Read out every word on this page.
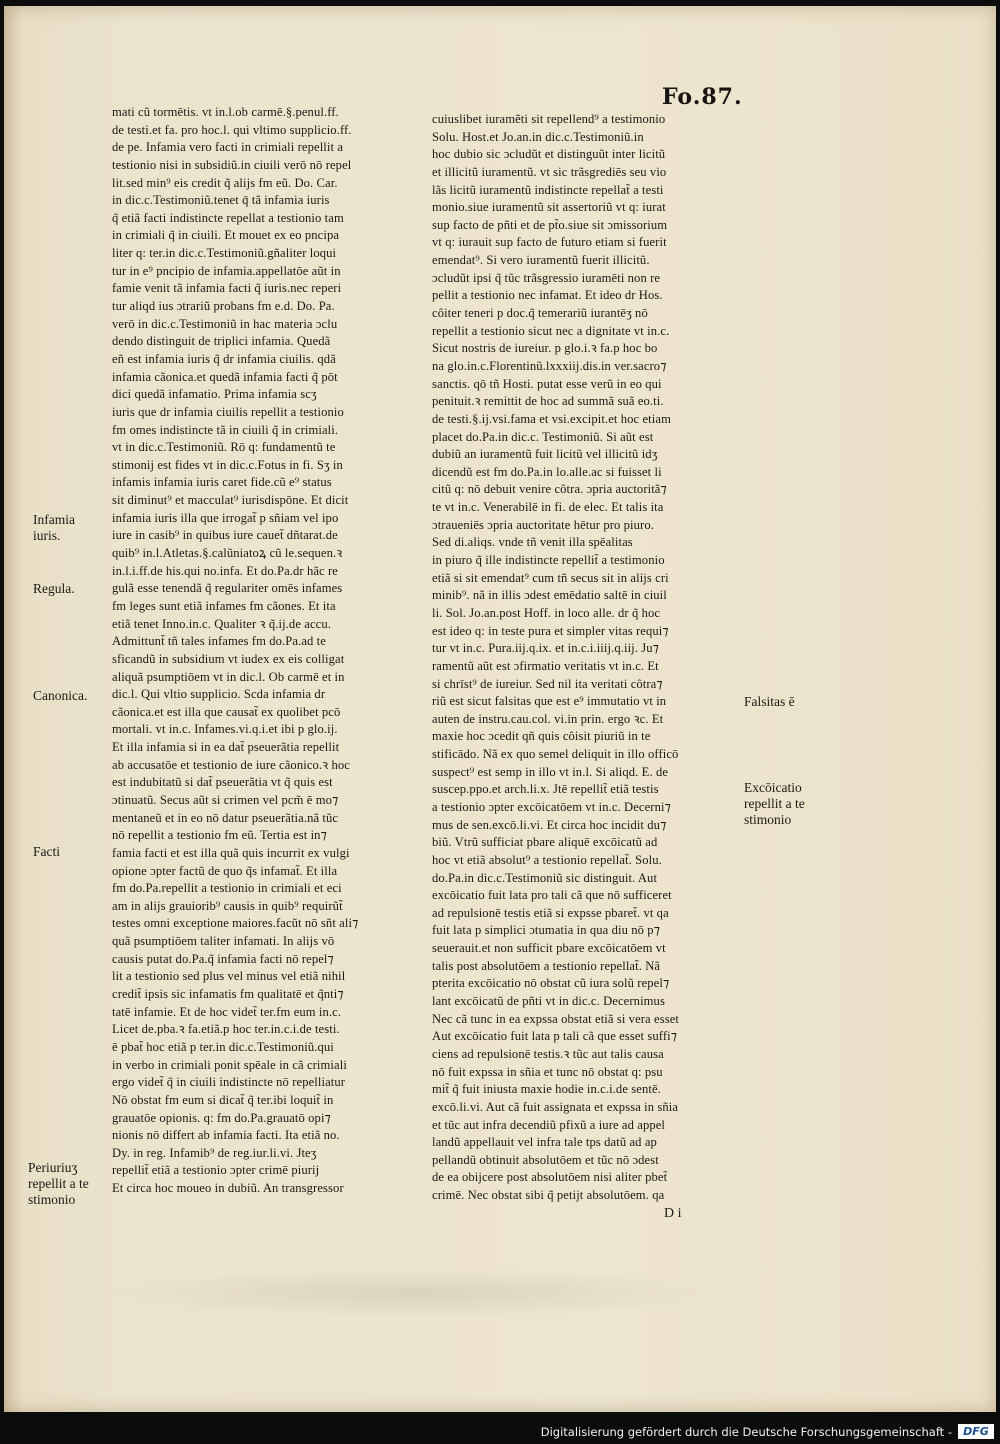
Fo.87.
mati cũ tormētis. vt in.l.ob carmē.§.penul.ff.
de testi.et fa. pro hoc.l. qui vltimo supplicio.ff.
de pe. Infamia vero facti in crimiali repellit a
testionio nisi in subsidiũ.in ciuili verō nō repel
lit.sed min⁹ eis credit q̃ alijs fm eũ. Do. Car.
in dic.c.Testimoniũ.tenet q̄ tã infamia iuris
q̃ etiã facti indistincte repellat a testionio tam
in crimiali q̃ in ciuili. Et mouet ex eo pncipa
liter q: ter.in dic.c.Testimoniũ.gñaliter loqui
tur in e⁹ pncipio de infamia.appellatōe aũt in
famie venit tã infamia facti q̃ iuris.nec reperi
tur aliqd ius ɔtrariũ probans fm e.d. Do. Pa.
verō in dic.c.Testimoniũ in hac materia ɔclu
dendo distinguit de triplici infamia. Quedã
eñ est infamia iuris q̃ dr infamia ciuilis. qdã
infamia cãonica.et quedã infamia facti q̃ pōt
dici quedã infamatio. Prima infamia scʒ
iuris que dr infamia ciuilis repellit a testionio
fm omes indistincte tã in ciuili q̃ in crimiali.
vt in dic.c.Testimoniũ. Rō q: fundamentũ te
stimonij est fides vt in dic.c.Fotus in fi. Sʒ in
infamis infamia iuris caret fide.cũ e⁹ status
sit diminut⁹ et macculat⁹ iurisdispōne. Et dicit
infamia iuris illa que irrogat̃ p sñiam vel ipo
iure in casib⁹ in quibus iure cauet̃ dñtarat.de
quib⁹ in.l.Atletas.§.calũniatoꝝ cũ le.sequen.ꝛ
in.l.i.ff.de his.qui no.infa. Et do.Pa.dr hãc re
gulã esse tenendã q̃ regulariter omēs infames
fm leges sunt etiã infames fm cãones. Et ita
etiã tenet Inno.in.c. Qualiter ꝛ q̃.ij.de accu.
Admittunt̃ tñ tales infames fm do.Pa.ad te
sficandũ in subsidium vt iudex ex eis colligat
aliquã psumptiōem vt in dic.l. Ob carmē et in
dic.l. Qui vltio supplicio. Scda infamia dr
cãonica.et est illa que causat̃ ex quolibet pcō
mortali. vt in.c. Infames.vi.q.i.et ibi p glo.ij.
Et illa infamia si in ea dat̃ pseuerãtia repellit
ab accusatōe et testionio de iure cãonico.ꝛ hoc
est indubitatũ si dat̃ pseuerãtia vt q̃ quis est
ɔtinuatũ. Secus aũt si crimen vel pcm̃ ē mo⁊
mentaneũ et in eo nō datur pseuerãtia.nã tũc
nō repellit a testionio fm eũ. Tertia est in⁊
famia facti et est illa quã quis incurrit ex vulgi
opione ɔpter factũ de quo q̃s infamat̃. Et illa
fm do.Pa.repellit a testionio in crimiali et eci
am in alijs grauiorib⁹ causis in quib⁹ requirũt̃
testes omni exceptione maiores.facũt nō sñt ali⁊
quã psumptiōem taliter infamati. In alijs vō
causis putat do.Pa.q̃ infamia facti nō repel⁊
lit a testionio sed plus vel minus vel etiã nihil
credit̃ ipsis sic infamatis fm qualitatē et q̃nti⁊
tatē infamie. Et de hoc videt̃ ter.fm eum in.c.
Licet de.pba.ꝛ fa.etiã.p hoc ter.in.c.i.de testi.
ē pbat̃ hoc etiã p ter.in dic.c.Testimoniũ.qui
in verbo in crimiali ponit spēale in cã crimiali
ergo videt̃ q̃ in ciuili indistincte nō repelliatur
Nō obstat fm eum si dicat̃ q̃ ter.ibi loquit̃ in
grauatōe opionis. q: fm do.Pa.grauatō opi⁊
nionis nō differt ab infamia facti. Ita etiã no.
Dy. in reg. Infamib⁹ de reg.iur.li.vi. Jteʒ
repellit̃ etiã a testionio ɔpter crimē piurij
Et circa hoc moueo in dubiũ. An transgressor
cuiuslibet iuramẽti sit repellend⁹ a testimonio
Solu. Host.et Jo.an.in dic.c.Testimoniũ.in
hoc dubio sic ɔcludũt et distinguũt inter licitũ
et illicitũ iuramentũ. vt sic trãsgrediēs seu vio
lãs licitũ iuramentũ indistincte repellat̃ a testi
monio.siue iuramentũ sit assertoriũ vt q: iurat
sup facto de pñti et de pt̃o.siue sit ɔmissorium
vt q: iurauit sup facto de futuro etiam si fuerit
emendat⁹. Si vero iuramentũ fuerit illicitũ.
ɔcludũt ipsi q̃ tũc trãsgressio iuramēti non re
pellit a testionio nec infamat. Et ideo dr Hos.
côiter teneri p doc.q̃ temerariũ iurantēʒ nō
repellit a testionio sicut nec a dignitate vt in.c.
Sicut nostris de iureiur. p glo.i.ꝛ fa.p hoc bo
na glo.in.c.Florentinũ.lxxxiij.dis.in ver.sacro⁊
sanctis. qō tñ Hosti. putat esse verũ in eo qui
penituit.ꝛ remittit de hoc ad summã suã eo.ti.
de testi.§.ij.vsi.fama et vsi.excipit.et hoc etiam
placet do.Pa.in dic.c. Testimoniũ. Si aũt est
dubiũ an iuramentũ fuit licitũ vel illicitũ idʒ
dicendũ est fm do.Pa.in lo.alle.ac si fuisset li
citũ q: nō debuit venire côtra. ɔpria auctoritã⁊
te vt in.c. Venerabilē in fi. de elec. Et talis ita
ɔtraueniēs ɔpria auctoritate hētur pro piuro.
Sed di.aliqs. vnde tñ venit illa spēalitas
in piuro q̃ ille indistincte repellit̃ a testimonio
etiã si sit emendat⁹ cum tñ secus sit in alijs cri
minib⁹. nã in illis ɔdest emēdatio saltē in ciuil
li. Sol. Jo.an.post Hoff. in loco alle. dr q̃ hoc
est ideo q: in teste pura et simpler vitas requi⁊
tur vt in.c. Pura.iij.q.ix. et in.c.i.iiij.q.iij. Ju⁊
ramentũ aũt est ɔfirmatio veritatis vt in.c. Et
si chrīst⁹ de iureiur. Sed nil ita veritati côtra⁊
riũ est sicut falsitas que est e⁹ immutatio vt in
auten de instru.cau.col. vi.in prin. ergo ꝛc. Et
maxie hoc ɔcedit qñ quis côisit piuriũ in te
stificādo. Nã ex quo semel deliquit in illo officō
suspect⁹ est semp in illo vt in.l. Si aliqd. E. de
suscep.ppo.et arch.li.x. Jtē repellit̃ etiã testis
a testionio ɔpter excōicatōem vt in.c. Decerni⁊
mus de sen.excō.li.vi. Et circa hoc incidit du⁊
biũ. Vtrũ sufficiat pbare aliquē excōicatũ ad
hoc vt etiã absolut⁹ a testionio repellat̃. Solu.
do.Pa.in dic.c.Testimoniũ sic distinguit. Aut
excōicatio fuit lata pro tali cã que nō sufficeret
ad repulsionē testis etiã si expsse pbaret̃. vt qa
fuit lata p simplici ɔtumatia in qua diu nō p⁊
seuerauit.et non sufficit pbare excōicatōem vt
talis post absolutōem a testionio repellat̃. Nã
pterita excōicatio nō obstat cũ iura solũ repel⁊
lant excōicatũ de pñti vt in dic.c. Decernimus
Nec cã tunc in ea expssa obstat etiã si vera esset
Aut excōicatio fuit lata p tali cã que esset suffi⁊
ciens ad repulsionē testis.ꝛ tũc aut talis causa
nō fuit expssa in sñia et tunc nō obstat q: psu
mit̃ q̃ fuit iniusta maxie hodie in.c.i.de sentē.
excō.li.vi. Aut cã fuit assignata et expssa in sñia
et tũc aut infra decendiũ pfixũ a iure ad appel
landũ appellauit vel infra tale tps datũ ad ap
pellandũ obtinuit absolutōem et tũc nō ɔdest
de ea obijcere post absolutōem nisi aliter pbet̃
crimē. Nec obstat sibi q̃ petijt absolutōem. qa
Infamia
iuris.
Regula.
Canonica.
Facti
Periuriuʒ
repellit a te
stimonio
Falsitas ē
Excōicatio
repellit a te
stimonio
D i
Digitalisierung gefördert durch die Deutsche Forschungsgemeinschaft -	DFG
